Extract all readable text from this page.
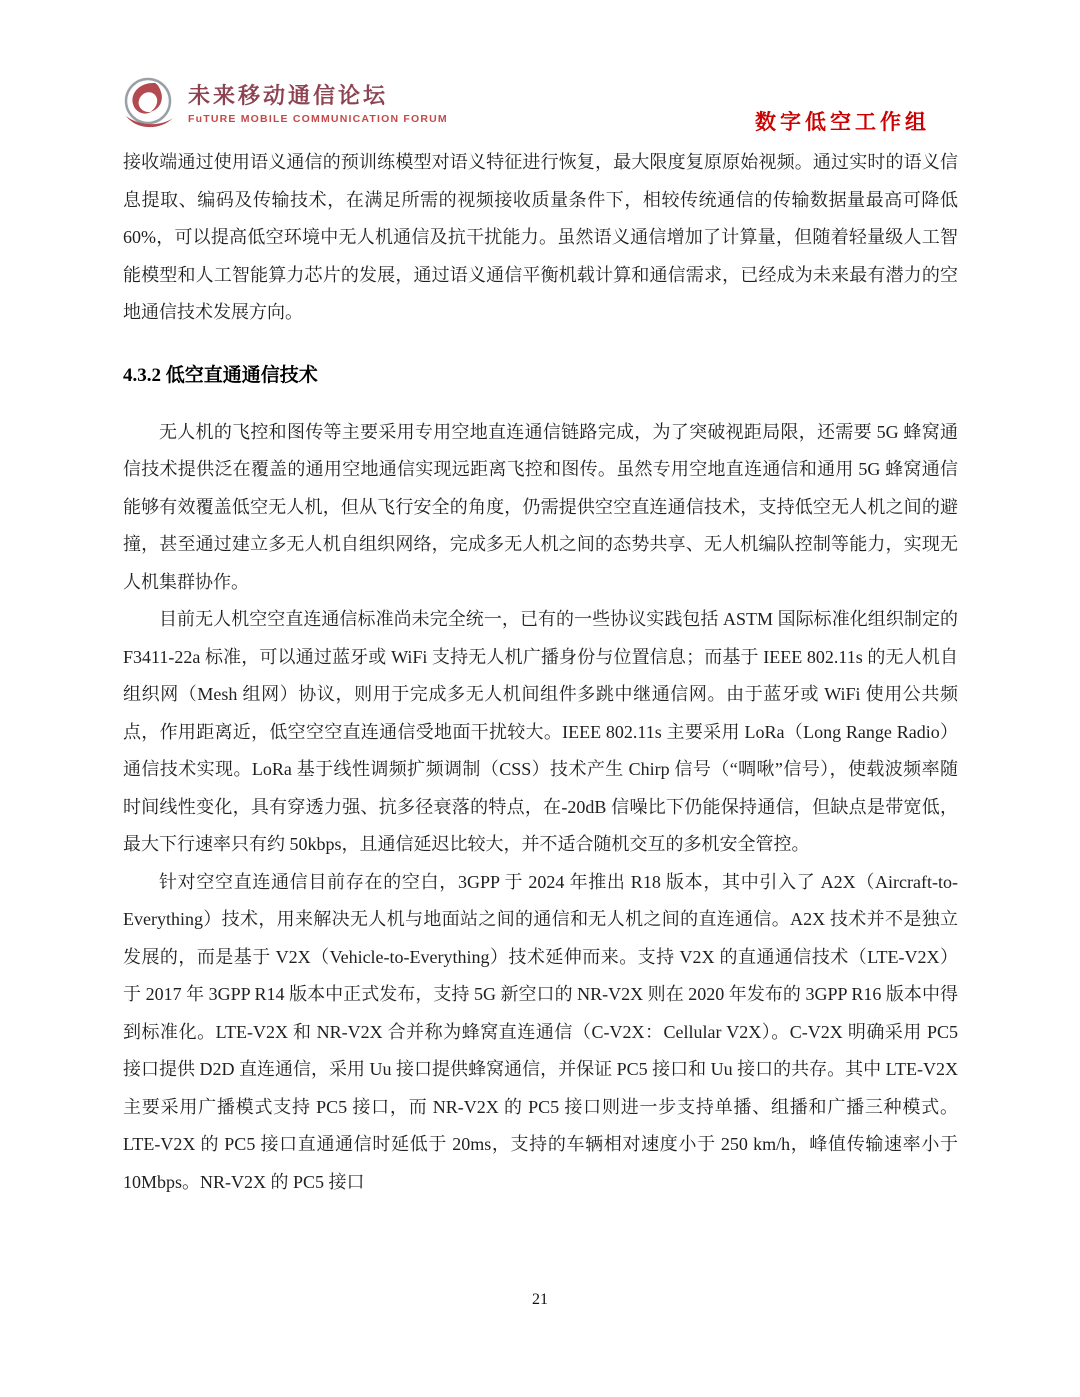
未来移动通信论坛
FuTURE MOBILE COMMUNICATION FORUM	数字低空工作组

接收端通过使用语义通信的预训练模型对语义特征进行恢复，最大限度复原原始视频。通过实时的语义信息提取、编码及传输技术，在满足所需的视频接收质量条件下，相较传统通信的传输数据量最高可降低 60%，可以提高低空环境中无人机通信及抗干扰能力。虽然语义通信增加了计算量，但随着轻量级人工智能模型和人工智能算力芯片的发展，通过语义通信平衡机载计算和通信需求，已经成为未来最有潜力的空地通信技术发展方向。

4.3.2 低空直通通信技术

无人机的飞控和图传等主要采用专用空地直连通信链路完成，为了突破视距局限，还需要 5G 蜂窝通信技术提供泛在覆盖的通用空地通信实现远距离飞控和图传。虽然专用空地直连通信和通用 5G 蜂窝通信能够有效覆盖低空无人机，但从飞行安全的角度，仍需提供空空直连通信技术，支持低空无人机之间的避撞，甚至通过建立多无人机自组织网络，完成多无人机之间的态势共享、无人机编队控制等能力，实现无人机集群协作。

目前无人机空空直连通信标准尚未完全统一，已有的一些协议实践包括 ASTM 国际标准化组织制定的 F3411-22a 标准，可以通过蓝牙或 WiFi 支持无人机广播身份与位置信息；而基于 IEEE 802.11s 的无人机自组织网（Mesh 组网）协议，则用于完成多无人机间组件多跳中继通信网。由于蓝牙或 WiFi 使用公共频点，作用距离近，低空空空直连通信受地面干扰较大。IEEE 802.11s 主要采用 LoRa（Long Range Radio）通信技术实现。LoRa 基于线性调频扩频调制（CSS）技术产生 Chirp 信号（“啁啾”信号），使载波频率随时间线性变化，具有穿透力强、抗多径衰落的特点，在-20dB 信噪比下仍能保持通信，但缺点是带宽低，最大下行速率只有约 50kbps，且通信延迟比较大，并不适合随机交互的多机安全管控。

针对空空直连通信目前存在的空白，3GPP 于 2024 年推出 R18 版本，其中引入了 A2X（Aircraft-to-Everything）技术，用来解决无人机与地面站之间的通信和无人机之间的直连通信。A2X 技术并不是独立发展的，而是基于 V2X（Vehicle-to-Everything）技术延伸而来。支持 V2X 的直通通信技术（LTE-V2X）于 2017 年 3GPP R14 版本中正式发布，支持 5G 新空口的 NR-V2X 则在 2020 年发布的 3GPP R16 版本中得到标准化。LTE-V2X 和 NR-V2X 合并称为蜂窝直连通信（C-V2X：Cellular V2X）。C-V2X 明确采用 PC5 接口提供 D2D 直连通信，采用 Uu 接口提供蜂窝通信，并保证 PC5 接口和 Uu 接口的共存。其中 LTE-V2X 主要采用广播模式支持 PC5 接口，而 NR-V2X 的 PC5 接口则进一步支持单播、组播和广播三种模式。LTE-V2X 的 PC5 接口直通通信时延低于 20ms，支持的车辆相对速度小于 250 km/h，峰值传输速率小于 10Mbps。NR-V2X 的 PC5 接口

21
